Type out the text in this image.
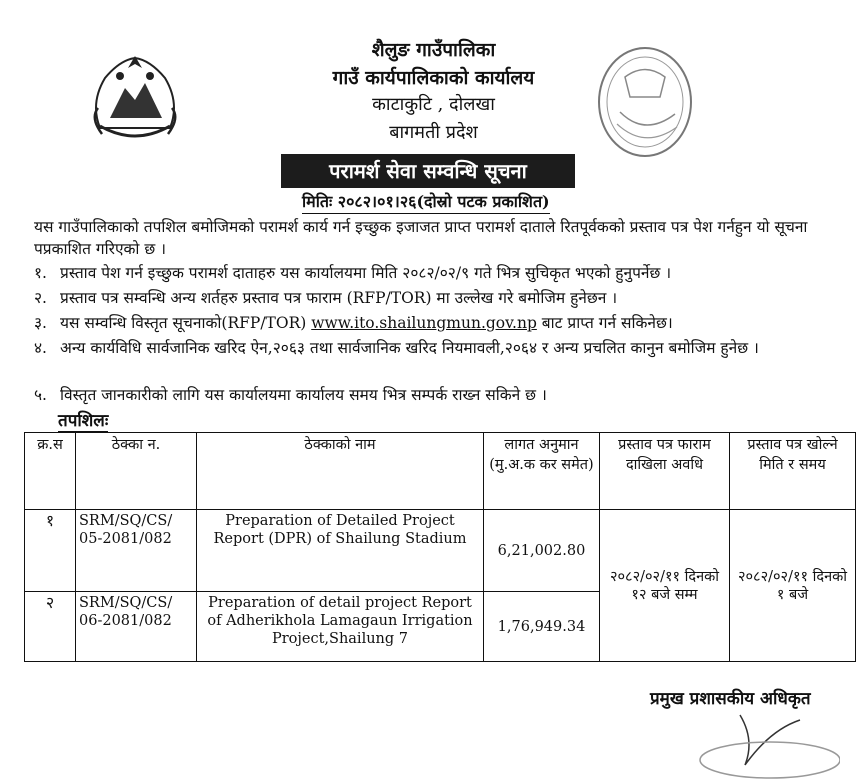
शैलुङ गाउँपालिका
गाउँ कार्यपालिकाको कार्यालय
काटाकुटि , दोलखा
बागमती प्रदेश
परामर्श सेवा सम्वन्धि सूचना
मितिः २०८२।०१।२६(दोस्रो पटक प्रकाशित)
यस गाउँपालिकाको तपशिल बमोजिमको परामर्श कार्य गर्न इच्छुक इजाजत प्राप्त परामर्श दाताले रितपूर्वकको प्रस्ताव पत्र पेश गर्नहुन यो सूचना पप्रकाशित गरिएको छ ।
१. प्रस्ताव पेश गर्न इच्छुक परामर्श दाताहरु यस कार्यालयमा मिति २०८२/०२/९ गते भित्र सुचिकृत भएको हुनुपर्नेछ ।
२. प्रस्ताव पत्र सम्वन्धि अन्य शर्तहरु प्रस्ताव पत्र फाराम (RFP/TOR) मा उल्लेख गरे बमोजिम हुनेछन ।
३. यस सम्वन्धि विस्तृत सूचनाको(RFP/TOR) www.ito.shailungmun.gov.np बाट प्राप्त गर्न सकिनेछ।
४. अन्य कार्यविधि सार्वजानिक खरिद ऐन,२०६३ तथा सार्वजानिक खरिद नियमावली,२०६४ र अन्य प्रचलित कानुन बमोजिम हुनेछ ।
५. विस्तृत जानकारीको लागि यस कार्यालयमा कार्यालय समय भित्र सम्पर्क राख्न सकिने छ ।
तपशिलः
क्र.स	ठेक्का न.	ठेक्काको नाम	लागत अनुमान (मु.अ.क कर समेत)	प्रस्ताव पत्र फाराम दाखिला अवधि	प्रस्ताव पत्र खोल्ने मिति र समय
१	SRM/SQ/CS/ 05-2081/082	Preparation of Detailed Project Report (DPR) of Shailung Stadium	6,21,002.80	२०८२/०२/११ दिनको १२ बजे सम्म	२०८२/०२/११ दिनको १ बजे
२	SRM/SQ/CS/ 06-2081/082	Preparation of detail project Report of Adherikhola Lamagaun Irrigation Project,Shailung 7	1,76,949.34		
प्रमुख प्रशासकीय अधिकृत
